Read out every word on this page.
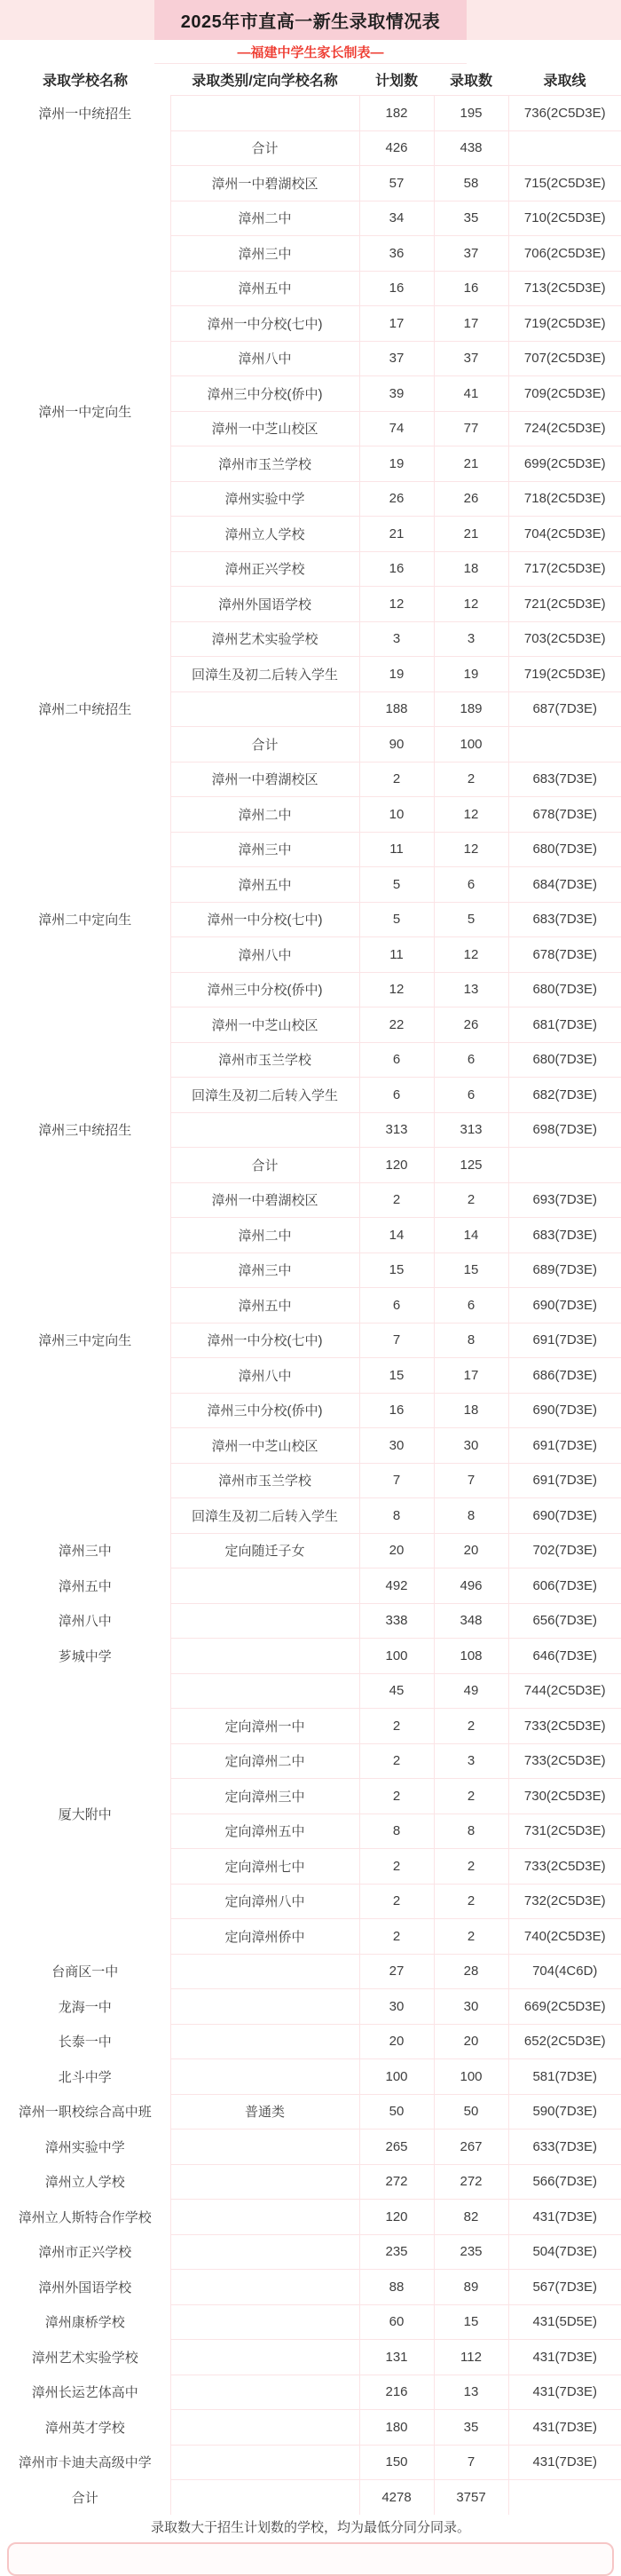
2025年市直高一新生录取情况表
—福建中学生家长制表—
录取学校名称	录取类别/定向学校名称	计划数	录取数	录取线
漳州一中统招生		182	195	736(2C5D3E)
漳州一中定向生	合计	426	438	
	漳州一中碧湖校区	57	58	715(2C5D3E)
	漳州二中	34	35	710(2C5D3E)
	漳州三中	36	37	706(2C5D3E)
	漳州五中	16	16	713(2C5D3E)
	漳州一中分校(七中)	17	17	719(2C5D3E)
	漳州八中	37	37	707(2C5D3E)
	漳州三中分校(侨中)	39	41	709(2C5D3E)
	漳州一中芝山校区	74	77	724(2C5D3E)
	漳州市玉兰学校	19	21	699(2C5D3E)
	漳州实验中学	26	26	718(2C5D3E)
	漳州立人学校	21	21	704(2C5D3E)
	漳州正兴学校	16	18	717(2C5D3E)
	漳州外国语学校	12	12	721(2C5D3E)
	漳州艺术实验学校	3	3	703(2C5D3E)
	回漳生及初二后转入学生	19	19	719(2C5D3E)
漳州二中统招生		188	189	687(7D3E)
漳州二中定向生	合计	90	100	
	漳州一中碧湖校区	2	2	683(7D3E)
	漳州二中	10	12	678(7D3E)
	漳州三中	11	12	680(7D3E)
	漳州五中	5	6	684(7D3E)
	漳州一中分校(七中)	5	5	683(7D3E)
	漳州八中	11	12	678(7D3E)
	漳州三中分校(侨中)	12	13	680(7D3E)
	漳州一中芝山校区	22	26	681(7D3E)
	漳州市玉兰学校	6	6	680(7D3E)
	回漳生及初二后转入学生	6	6	682(7D3E)
漳州三中统招生		313	313	698(7D3E)
漳州三中定向生	合计	120	125	
	漳州一中碧湖校区	2	2	693(7D3E)
	漳州二中	14	14	683(7D3E)
	漳州三中	15	15	689(7D3E)
	漳州五中	6	6	690(7D3E)
	漳州一中分校(七中)	7	8	691(7D3E)
	漳州八中	15	17	686(7D3E)
	漳州三中分校(侨中)	16	18	690(7D3E)
	漳州一中芝山校区	30	30	691(7D3E)
	漳州市玉兰学校	7	7	691(7D3E)
	回漳生及初二后转入学生	8	8	690(7D3E)
漳州三中	定向随迁子女	20	20	702(7D3E)
漳州五中		492	496	606(7D3E)
漳州八中		338	348	656(7D3E)
芗城中学		100	108	646(7D3E)
厦大附中		45	49	744(2C5D3E)
	定向漳州一中	2	2	733(2C5D3E)
	定向漳州二中	2	3	733(2C5D3E)
	定向漳州三中	2	2	730(2C5D3E)
	定向漳州五中	8	8	731(2C5D3E)
	定向漳州七中	2	2	733(2C5D3E)
	定向漳州八中	2	2	732(2C5D3E)
	定向漳州侨中	2	2	740(2C5D3E)
台商区一中		27	28	704(4C6D)
龙海一中		30	30	669(2C5D3E)
长泰一中		20	20	652(2C5D3E)
北斗中学		100	100	581(7D3E)
漳州一职校综合高中班	普通类	50	50	590(7D3E)
漳州实验中学		265	267	633(7D3E)
漳州立人学校		272	272	566(7D3E)
漳州立人斯特合作学校		120	82	431(7D3E)
漳州市正兴学校		235	235	504(7D3E)
漳州外国语学校		88	89	567(7D3E)
漳州康桥学校		60	15	431(5D5E)
漳州艺术实验学校		131	112	431(7D3E)
漳州长运艺体高中		216	13	431(7D3E)
漳州英才学校		180	35	431(7D3E)
漳州市卡迪夫高级中学		150	7	431(7D3E)
合计		4278	3757	
录取数大于招生计划数的学校，均为最低分同分同录。
